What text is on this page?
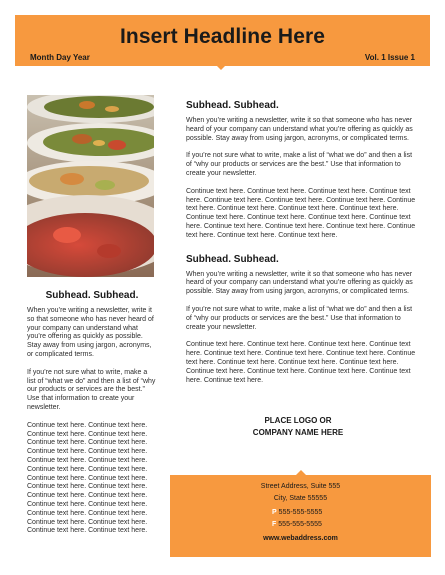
Insert Headline Here
Month Day Year	Vol. 1 Issue 1
Subhead. Subhead.

When you’re writing a newsletter, write it so that someone who has never heard of your company can understand what you’re offering as quickly as possible. Stay away from using jargon, acronyms, or complicated terms.

If you’re not sure what to write, make a list of “what we do” and then a list of “why our products or services are the best.” Use that information to create your newsletter.

Continue text here. Continue text here. Continue text here. Continue text here. Continue text here. Continue text here. Continue text here. Continue text here. Continue text here. Continue text here. Continue text here. Continue text here. Continue text here. Continue text here. Continue text here. Continue text here. Continue text here. Continue text here. Continue text here. Continue text here. Continue text here. Continue text here. Continue text here. Continue text here. Continue text here. Continue text here.

Subhead. Subhead.

When you’re writing a newsletter, write it so that someone who has never heard of your company can understand what you’re offering as quickly as possible. Stay away from using jargon, acronyms, or complicated terms.

If you’re not sure what to write, make a list of “what we do” and then a list of “why our products or services are the best.” Use that information to create your newsletter.

Continue text here. Continue text here. Continue text here. Continue text here. Continue text here. Continue text here. Continue text here. Continue text here. Continue text here. Continue text here. Continue text here. Continue text here. Continue text here. Continue text here. Continue text here. Continue text here. Continue text here. Continue text here. Continue text here. Continue text here. Continue text here.

Subhead. Subhead.

When you’re writing a newsletter, write it so that someone who has never heard of your company can understand what you’re offering as quickly as possible. Stay away from using jargon, acronyms, or complicated terms.

If you’re not sure what to write, make a list of “what we do” and then a list of “why our products or services are the best.” Use that information to create your newsletter.

Continue text here. Continue text here. Continue text here. Continue text here. Continue text here. Continue text here. Continue text here. Continue text here. Continue text here. Continue text here. Continue text here. Continue text here. Continue text here. Continue text here. Continue text here. Continue text here.

PLACE LOGO OR
COMPANY NAME HERE
Street Address, Suite 555
City, State 55555
P 555-555-5555
F 555-555-5555
www.webaddress.com
